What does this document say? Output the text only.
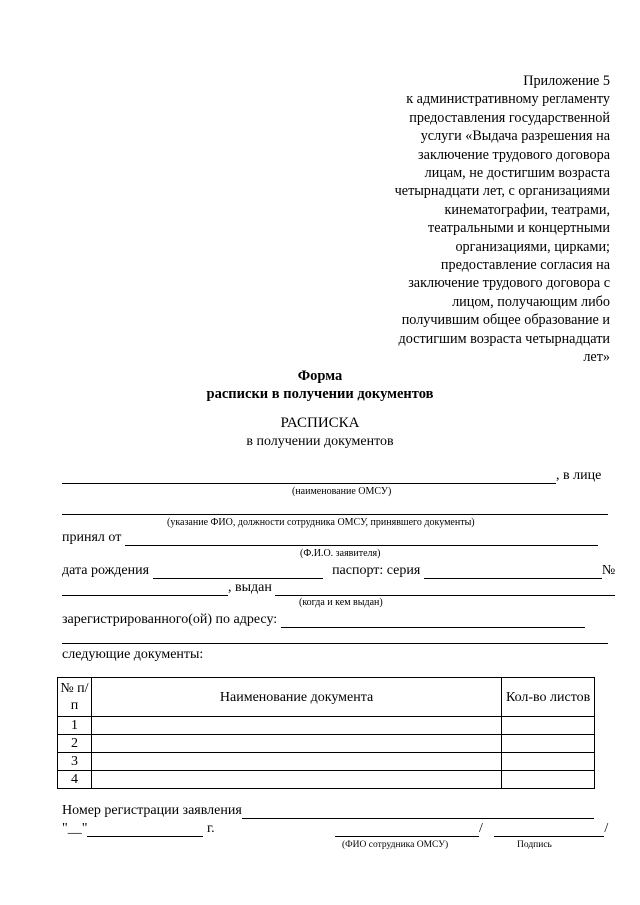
Приложение 5
к административному регламенту
предоставления государственной
услуги «Выдача разрешения на
заключение трудового договора
лицам, не достигшим возраста
четырнадцати лет, с организациями
кинематографии, театрами,
театральными и концертными
организациями, цирками;
предоставление согласия на
заключение трудового договора с
лицом, получающим либо
получившим общее образование и
достигшим возраста четырнадцати
лет»
Форма
расписки в получении документов
РАСПИСКА
в получении документов
, в лице
(наименование ОМСУ)
(указание ФИО, должности сотрудника ОМСУ, принявшего документы)
принял от
(Ф.И.О. заявителя)
дата рождения	паспорт: серия	№
, выдан
(когда и кем выдан)
зарегистрированного(ой) по адресу:
следующие документы:
№ п/п	Наименование документа	Кол-во листов
1		
2		
3		
4		
Номер регистрации заявления
"__"	г.	/	/
(ФИО сотрудника ОМСУ)	Подпись
